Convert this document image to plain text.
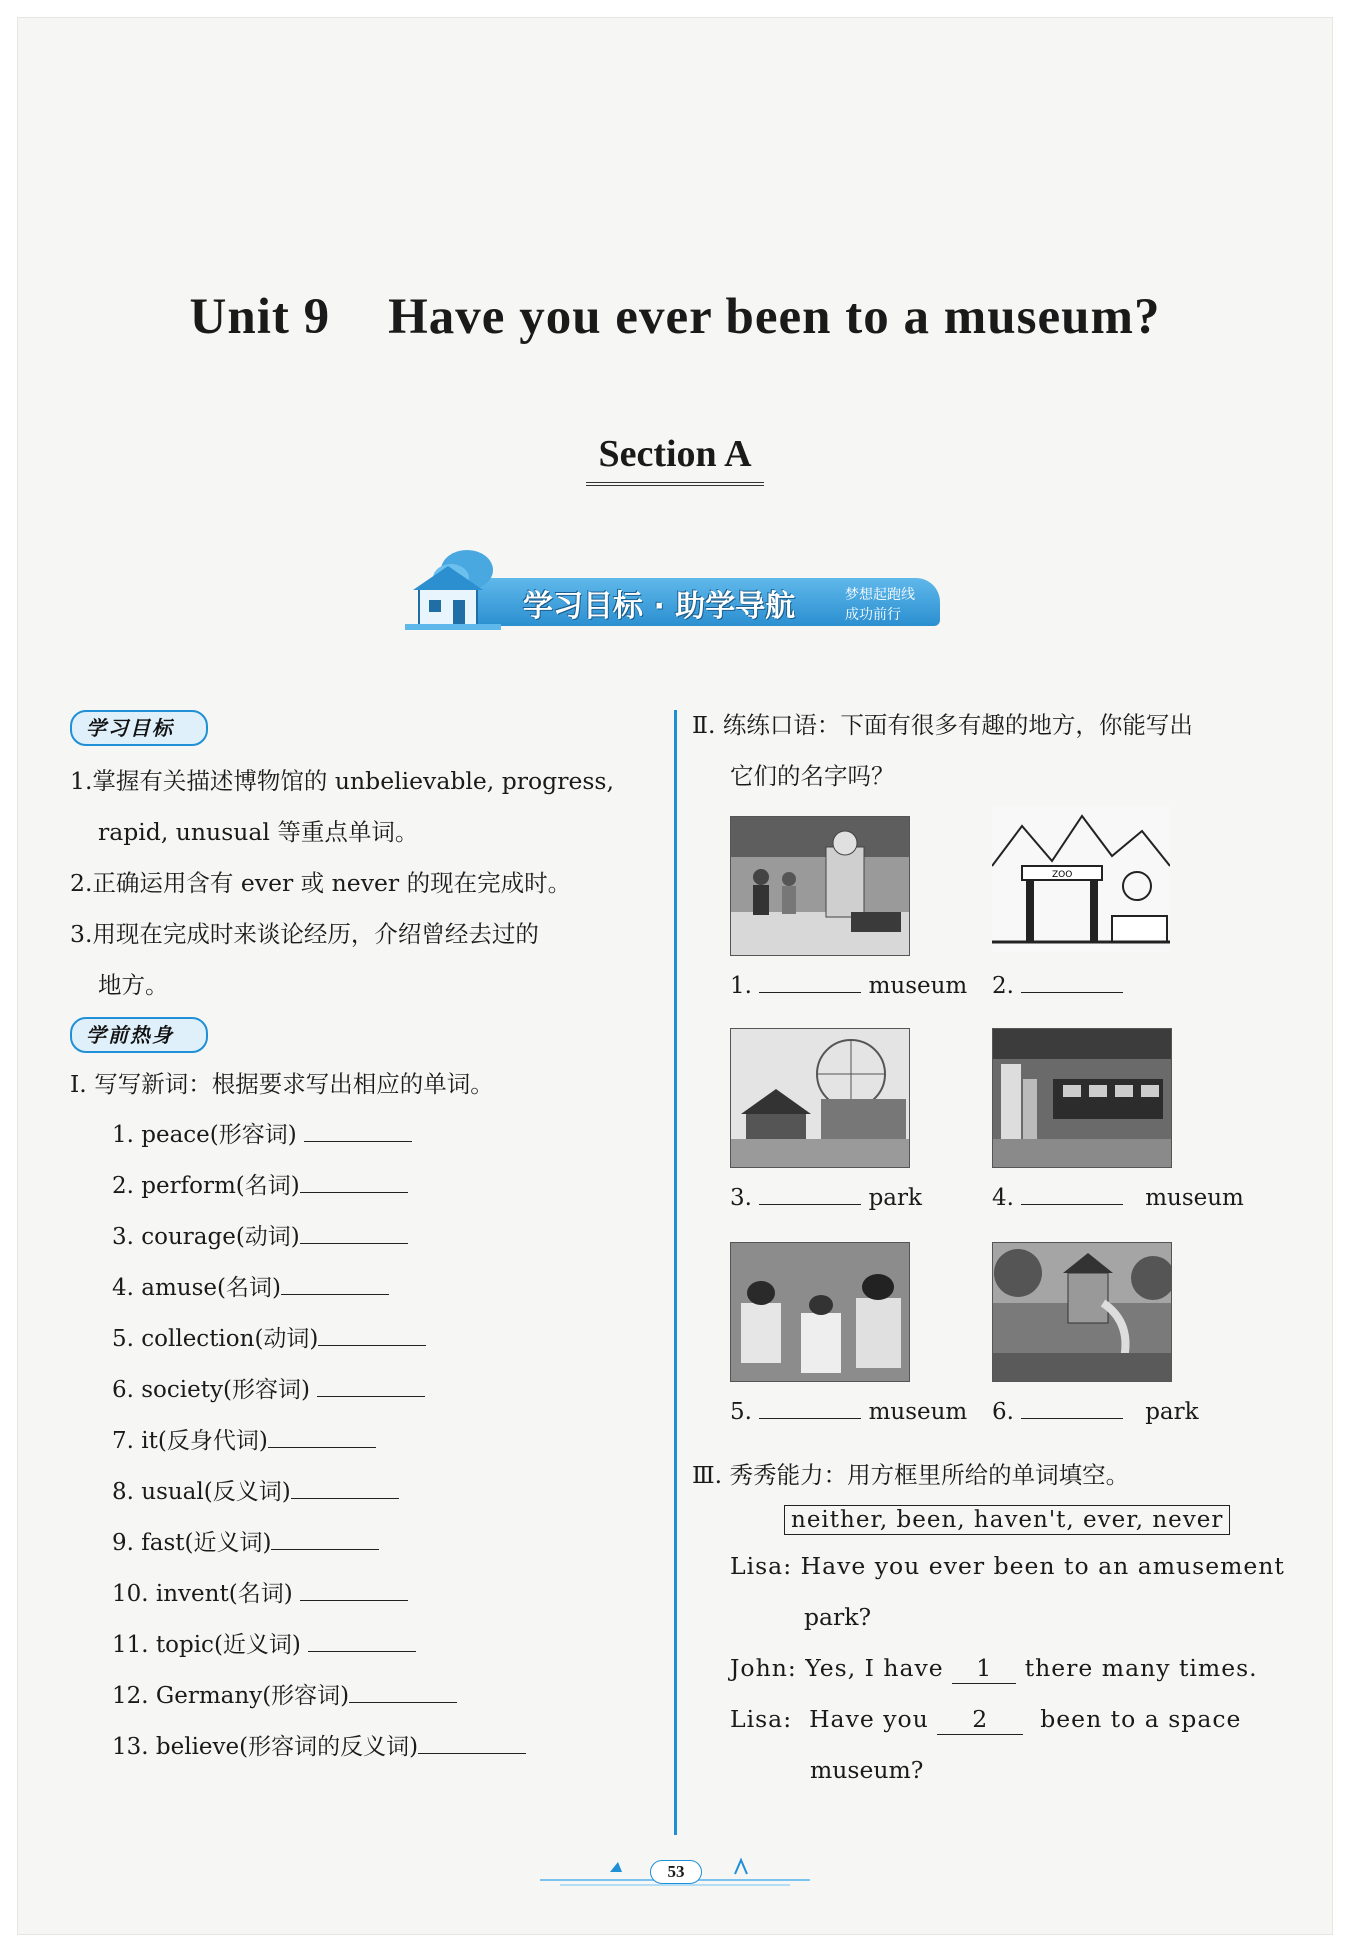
Unit 9 Have you ever been to a museum?
Section A
学习目标 · 助学导航	梦想起跑线
成功前行
学习目标
1.掌握有关描述博物馆的 unbelievable, progress,
rapid, unusual 等重点单词。
2.正确运用含有 ever 或 never 的现在完成时。
3.用现在完成时来谈论经历，介绍曾经去过的
地方。
学前热身
Ⅰ. 写写新词：根据要求写出相应的单词。
1. peace(形容词)
2. perform(名词)
3. courage(动词)
4. amuse(名词)
5. collection(动词)
6. society(形容词)
7. it(反身代词)
8. usual(反义词)
9. fast(近义词)
10. invent(名词)
11. topic(近义词)
12. Germany(形容词)
13. believe(形容词的反义词)
Ⅱ. 练练口语：下面有很多有趣的地方，你能写出
它们的名字吗？
ZOO
1.	museum 2.
3.	park	4.	museum
5.	museum 6.	park
Ⅲ. 秀秀能力：用方框里所给的单词填空。
neither, been, haven't, ever, never
Lisa: Have you ever been to an amusement
park?
John: Yes, I have 1 there many times.
Lisa: Have you 2 been to a space
museum?
53
